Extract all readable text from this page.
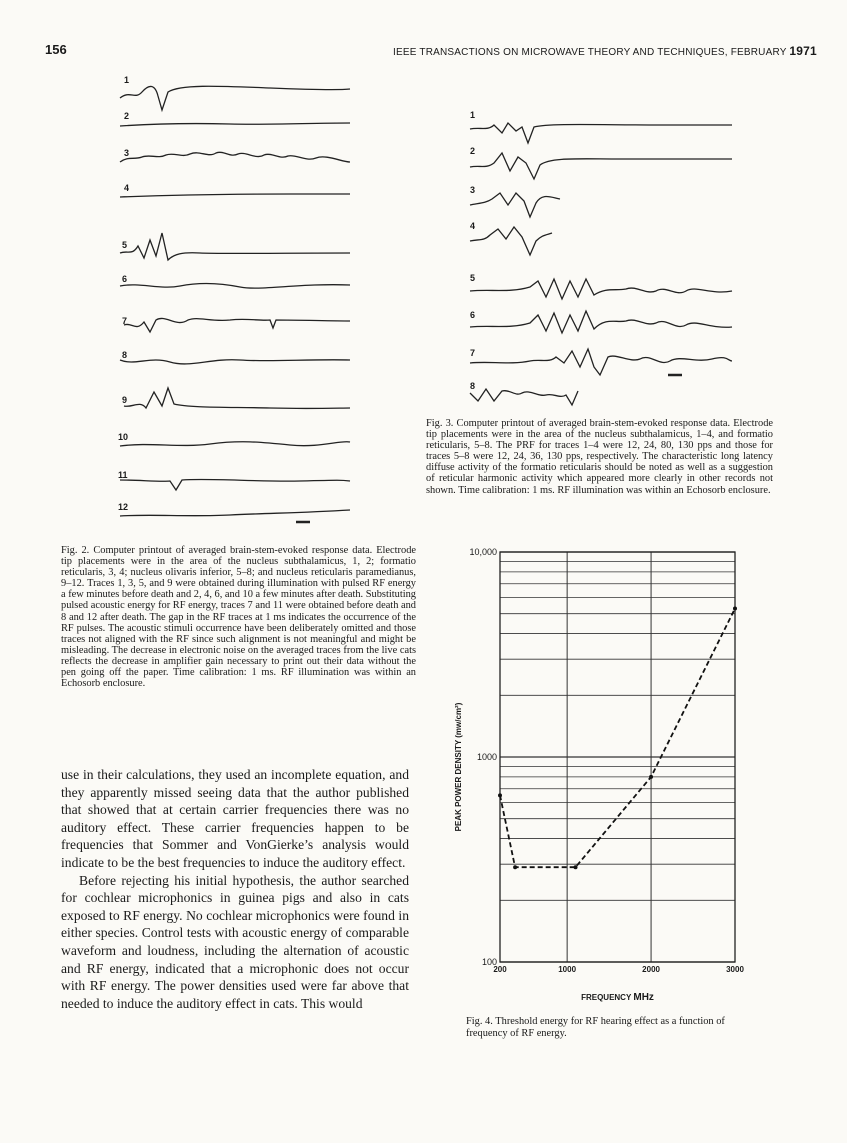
156	IEEE TRANSACTIONS ON MICROWAVE THEORY AND TECHNIQUES, FEBRUARY 1971
1
2
3
4
5
6
7
8
9
10
11
12
Fig. 2. Computer printout of averaged brain-stem-evoked response data. Electrode tip placements were in the area of the nucleus subthalamicus, 1, 2; formatio reticularis, 3, 4; nucleus olivaris inferior, 5–8; and nucleus reticularis paramedianus, 9–12. Traces 1, 3, 5, and 9 were obtained during illumination with pulsed RF energy a few minutes before death and 2, 4, 6, and 10 a few minutes after death. Substituting pulsed acoustic energy for RF energy, traces 7 and 11 were obtained before death and 8 and 12 after death. The gap in the RF traces at 1 ms indicates the occurrence of the RF pulses. The acoustic stimuli occurrence have been deliberately omitted and those traces not aligned with the RF since such alignment is not meaningful and might be misleading. The decrease in electronic noise on the averaged traces from the live cats reflects the decrease in amplifier gain necessary to print out their data without the pen going off the paper. Time calibration: 1 ms. RF illumination was within an Echosorb enclosure.

use in their calculations, they used an incomplete equation, and they apparently missed seeing data that the author published that showed that at certain carrier frequencies there was no auditory effect. These carrier frequencies happen to be frequencies that Sommer and VonGierke’s analysis would indicate to be the best frequencies to induce the auditory effect.

Before rejecting his initial hypothesis, the author searched for cochlear microphonics in guinea pigs and also in cats exposed to RF energy. No cochlear microphonics were found in either species. Control tests with acoustic energy of comparable waveform and loudness, including the alternation of acoustic and RF energy, indicated that a microphonic does not occur with RF energy. The power densities used were far above that needed to induce the auditory effect in cats. This would

1
2
3
4
5
6
7
8
Fig. 3. Computer printout of averaged brain-stem-evoked response data. Electrode tip placements were in the area of the nucleus subthalamicus, 1–4, and formatio reticularis, 5–8. The PRF for traces 1–4 were 12, 24, 80, 130 pps and those for traces 5–8 were 12, 24, 36, 130 pps, respectively. The characteristic long latency diffuse activity of the formatio reticularis should be noted as well as a suggestion of reticular harmonic activity which appeared more clearly in other records not shown. Time calibration: 1 ms. RF illumination was within an Echosorb enclosure.
100
1000
10,000
200	1000	2000	3000
FREQUENCY MHz
PEAK POWER DENSITY (mw/cm²)
Fig. 4. Threshold energy for RF hearing effect as a function of frequency of RF energy.
